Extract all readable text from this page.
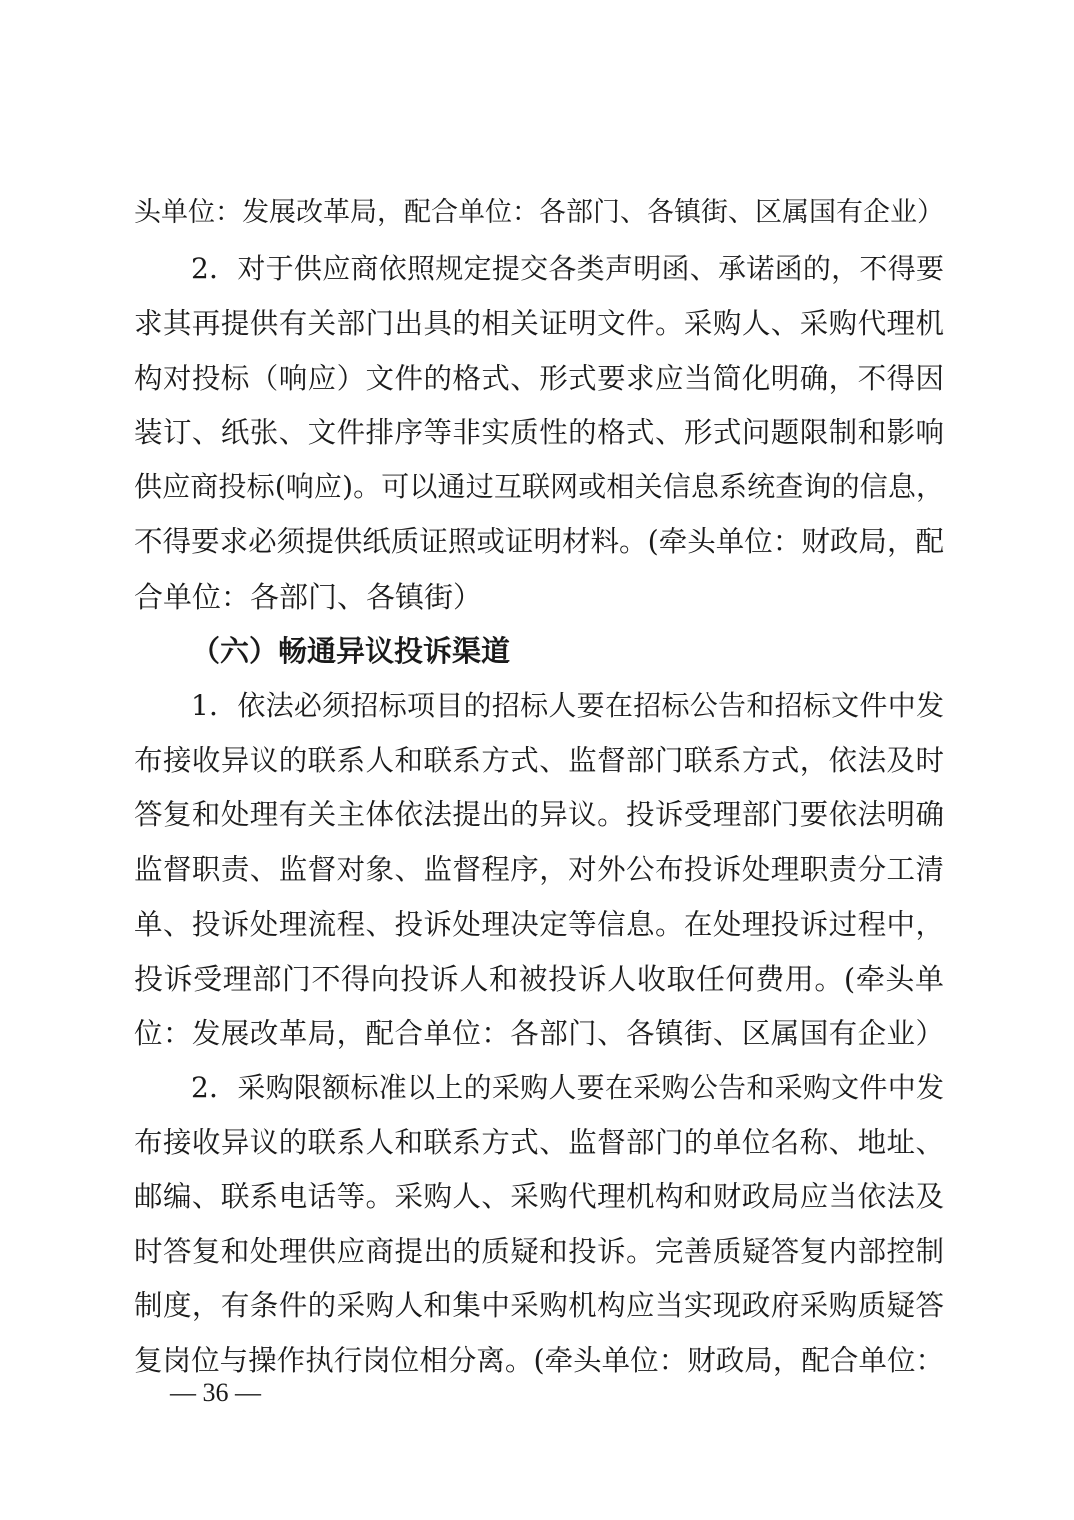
头单位：发展改革局，配合单位：各部门、各镇街、区属国有企业）
2．对于供应商依照规定提交各类声明函、承诺函的，不得要
求其再提供有关部门出具的相关证明文件。采购人、采购代理机
构对投标（响应）文件的格式、形式要求应当简化明确，不得因
装订、纸张、文件排序等非实质性的格式、形式问题限制和影响
供应商投标(响应)。可以通过互联网或相关信息系统查询的信息，
不得要求必须提供纸质证照或证明材料。(牵头单位：财政局，配
合单位：各部门、各镇街）
（六）畅通异议投诉渠道
1．依法必须招标项目的招标人要在招标公告和招标文件中发
布接收异议的联系人和联系方式、监督部门联系方式，依法及时
答复和处理有关主体依法提出的异议。投诉受理部门要依法明确
监督职责、监督对象、监督程序，对外公布投诉处理职责分工清
单、投诉处理流程、投诉处理决定等信息。在处理投诉过程中，
投诉受理部门不得向投诉人和被投诉人收取任何费用。(牵头单
位：发展改革局，配合单位：各部门、各镇街、区属国有企业）
2．采购限额标准以上的采购人要在采购公告和采购文件中发
布接收异议的联系人和联系方式、监督部门的单位名称、地址、
邮编、联系电话等。采购人、采购代理机构和财政局应当依法及
时答复和处理供应商提出的质疑和投诉。完善质疑答复内部控制
制度，有条件的采购人和集中采购机构应当实现政府采购质疑答
复岗位与操作执行岗位相分离。(牵头单位：财政局，配合单位：
— 36 —
